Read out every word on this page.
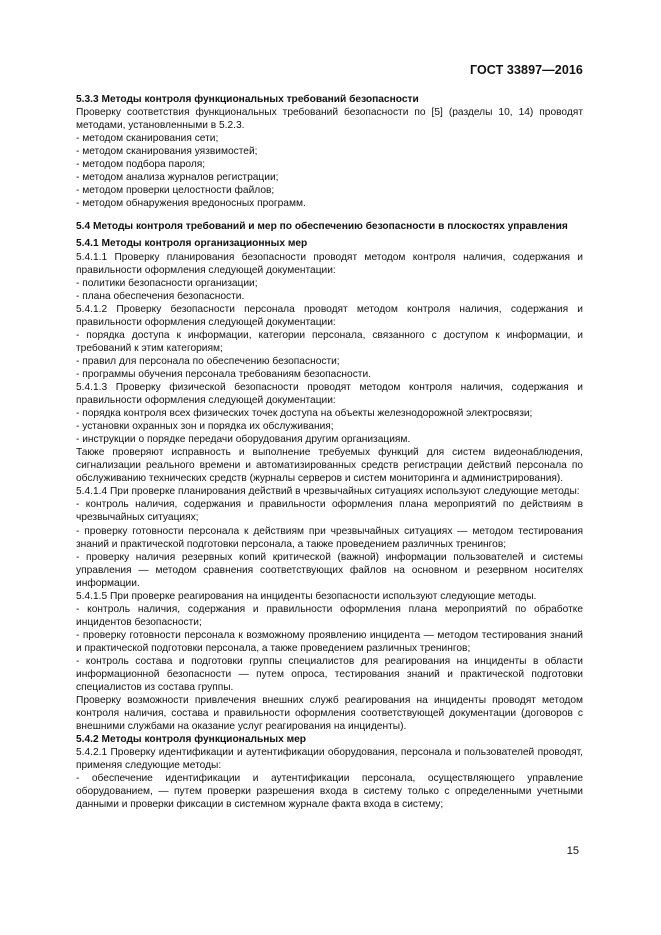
ГОСТ 33897—2016

5.3.3 Методы контроля функциональных требований безопасности

Проверку соответствия функциональных требований безопасности по [5] (разделы 10, 14) проводят методами, установленными в 5.2.3.

- методом сканирования сети;

- методом сканирования уязвимостей;

- методом подбора пароля;

- методом анализа журналов регистрации;

- методом проверки целостности файлов;

- методом обнаружения вредоносных программ.

5.4 Методы контроля требований и мер по обеспечению безопасности в плоскостях управления

5.4.1 Методы контроля организационных мер

5.4.1.1 Проверку планирования безопасности проводят методом контроля наличия, содержания и правильности оформления следующей документации:

- политики безопасности организации;

- плана обеспечения безопасности.

5.4.1.2 Проверку безопасности персонала проводят методом контроля наличия, содержания и правильности оформления следующей документации:

- порядка доступа к информации, категории персонала, связанного с доступом к информации, и требований к этим категориям;

- правил для персонала по обеспечению безопасности;

- программы обучения персонала требованиям безопасности.

5.4.1.3 Проверку физической безопасности проводят методом контроля наличия, содержания и правильности оформления следующей документации:

- порядка контроля всех физических точек доступа на объекты железнодорожной электросвязи;

- установки охранных зон и порядка их обслуживания;

- инструкции о порядке передачи оборудования другим организациям.

Также проверяют исправность и выполнение требуемых функций для систем видеонаблюдения, сигнализации реального времени и автоматизированных средств регистрации действий персонала по обслуживанию технических средств (журналы серверов и систем мониторинга и администрирования).

5.4.1.4 При проверке планирования действий в чрезвычайных ситуациях используют следующие методы:

- контроль наличия, содержания и правильности оформления плана мероприятий по действиям в чрезвычайных ситуациях;

- проверку готовности персонала к действиям при чрезвычайных ситуациях — методом тестирования знаний и практической подготовки персонала, а также проведением различных тренингов;

- проверку наличия резервных копий критической (важной) информации пользователей и системы управления — методом сравнения соответствующих файлов на основном и резервном носителях информации.

5.4.1.5 При проверке реагирования на инциденты безопасности используют следующие методы.

- контроль наличия, содержания и правильности оформления плана мероприятий по обработке инцидентов безопасности;

- проверку готовности персонала к возможному проявлению инцидента — методом тестирования знаний и практической подготовки персонала, а также проведением различных тренингов;

- контроль состава и подготовки группы специалистов для реагирования на инциденты в области информационной безопасности — путем опроса, тестирования знаний и практической подготовки специалистов из состава группы.

Проверку возможности привлечения внешних служб реагирования на инциденты проводят методом контроля наличия, состава и правильности оформления соответствующей документации (договоров с внешними службами на оказание услуг реагирования на инциденты).

5.4.2 Методы контроля функциональных мер

5.4.2.1 Проверку идентификации и аутентификации оборудования, персонала и пользователей проводят, применяя следующие методы:

- обеспечение идентификации и аутентификации персонала, осуществляющего управление оборудованием, — путем проверки разрешения входа в систему только с определенными учетными данными и проверки фиксации в системном журнале факта входа в систему;

15
